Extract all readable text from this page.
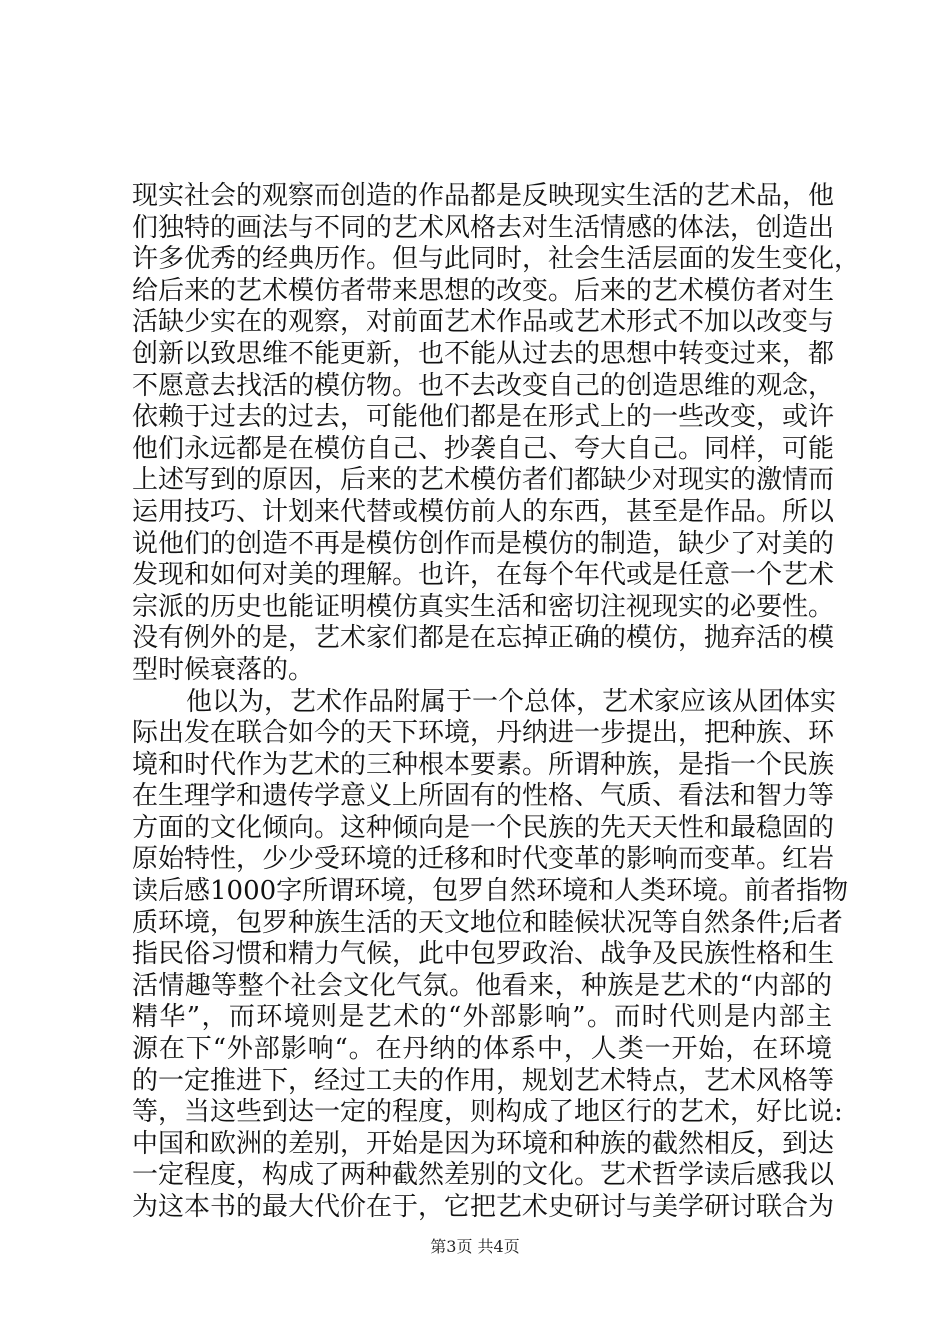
现实社会的观察而创造的作品都是反映现实生活的艺术品，他
们独特的画法与不同的艺术风格去对生活情感的体法，创造出
许多优秀的经典历作。但与此同时，社会生活层面的发生变化，
给后来的艺术模仿者带来思想的改变。后来的艺术模仿者对生
活缺少实在的观察，对前面艺术作品或艺术形式不加以改变与
创新以致思维不能更新，也不能从过去的思想中转变过来，都
不愿意去找活的模仿物。也不去改变自己的创造思维的观念，
依赖于过去的过去，可能他们都是在形式上的一些改变，或许
他们永远都是在模仿自己、抄袭自己、夸大自己。同样，可能
上述写到的原因，后来的艺术模仿者们都缺少对现实的激情而
运用技巧、计划来代替或模仿前人的东西，甚至是作品。所以
说他们的创造不再是模仿创作而是模仿的制造，缺少了对美的
发现和如何对美的理解。也许，在每个年代或是任意一个艺术
宗派的历史也能证明模仿真实生活和密切注视现实的必要性。
没有例外的是，艺术家们都是在忘掉正确的模仿，抛弃活的模
型时候衰落的。
他以为，艺术作品附属于一个总体，艺术家应该从团体实
际出发在联合如今的天下环境，丹纳进一步提出，把种族、环
境和时代作为艺术的三种根本要素。所谓种族，是指一个民族
在生理学和遗传学意义上所固有的性格、气质、看法和智力等
方面的文化倾向。这种倾向是一个民族的先天天性和最稳固的
原始特性，少少受环境的迁移和时代变革的影响而变革。红岩
读后感1000字所谓环境，包罗自然环境和人类环境。前者指物
质环境，包罗种族生活的天文地位和睦候状况等自然条件;后者
指民俗习惯和精力气候，此中包罗政治、战争及民族性格和生
活情趣等整个社会文化气氛。他看来，种族是艺术的“内部的
精华”，而环境则是艺术的“外部影响”。而时代则是内部主
源在下“外部影响“。在丹纳的体系中，人类一开始，在环境
的一定推进下，经过工夫的作用，规划艺术特点，艺术风格等
等，当这些到达一定的程度，则构成了地区行的艺术，好比说:
中国和欧洲的差别，开始是因为环境和种族的截然相反，到达
一定程度，构成了两种截然差别的文化。艺术哲学读后感我以
为这本书的最大代价在于，它把艺术史研讨与美学研讨联合为
第3页 共4页
